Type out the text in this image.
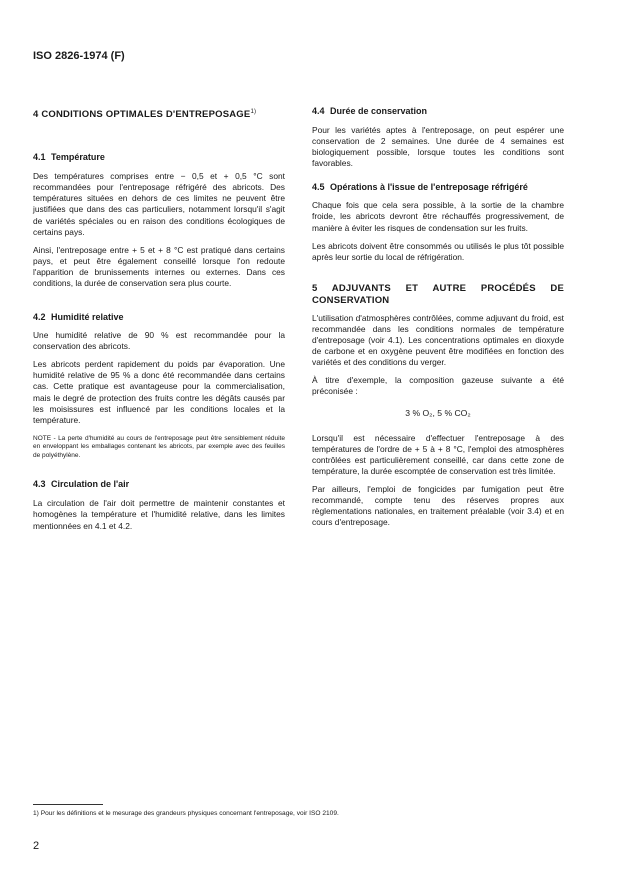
ISO 2826-1974 (F)

4 CONDITIONS OPTIMALES D'ENTREPOSAGE$^{1)}$

4.1 Température

Des températures comprises entre − 0,5 et + 0,5 °C sont recommandées pour l'entreposage réfrigéré des abricots. Des températures situées en dehors de ces limites ne peuvent être justifiées que dans des cas particuliers, notamment lorsqu'il s'agit de variétés spéciales ou en raison des conditions écologiques de certains pays.

Ainsi, l'entreposage entre + 5 et + 8 °C est pratiqué dans certains pays, et peut être également conseillé lorsque l'on redoute l'apparition de brunissements internes ou externes. Dans ces conditions, la durée de conservation sera plus courte.

4.2 Humidité relative

Une humidité relative de 90 % est recommandée pour la conservation des abricots.

Les abricots perdent rapidement du poids par évaporation. Une humidité relative de 95 % a donc été recommandée dans certains cas. Cette pratique est avantageuse pour la commercialisation, mais le degré de protection des fruits contre les dégâts causés par les moisissures est influencé par les conditions locales et la température.

NOTE - La perte d'humidité au cours de l'entreposage peut être sensiblement réduite en enveloppant les emballages contenant les abricots, par exemple avec des feuilles de polyéthylène.

4.3 Circulation de l'air

La circulation de l'air doit permettre de maintenir constantes et homogènes la température et l'humidité relative, dans les limites mentionnées en 4.1 et 4.2.

4.4 Durée de conservation

Pour les variétés aptes à l'entreposage, on peut espérer une conservation de 2 semaines. Une durée de 4 semaines est biologiquement possible, lorsque toutes les conditions sont favorables.

4.5 Opérations à l'issue de l'entreposage réfrigéré

Chaque fois que cela sera possible, à la sortie de la chambre froide, les abricots devront être réchauffés progressivement, de manière à éviter les risques de condensation sur les fruits.

Les abricots doivent être consommés ou utilisés le plus tôt possible après leur sortie du local de réfrigération.

5 ADJUVANTS ET AUTRE PROCÉDÉS DE CONSERVATION

L'utilisation d'atmosphères contrôlées, comme adjuvant du froid, est recommandée dans les conditions normales de température d'entreposage (voir 4.1). Les concentrations optimales en dioxyde de carbone et en oxygène peuvent être modifiées en fonction des variétés et des conditions du verger.

À titre d'exemple, la composition gazeuse suivante a été préconisée :

3 % O₂, 5 % CO₂

Lorsqu'il est nécessaire d'effectuer l'entreposage à des températures de l'ordre de + 5 à + 8 °C, l'emploi des atmosphères contrôlées est particulièrement conseillé, car dans cette zone de température, la durée escomptée de conservation est très limitée.

Par ailleurs, l'emploi de fongicides par fumigation peut être recommandé, compte tenu des réserves propres aux règlementations nationales, en traitement préalable (voir 3.4) et en cours d'entreposage.

1) Pour les définitions et le mesurage des grandeurs physiques concernant l'entreposage, voir ISO 2109.
2
